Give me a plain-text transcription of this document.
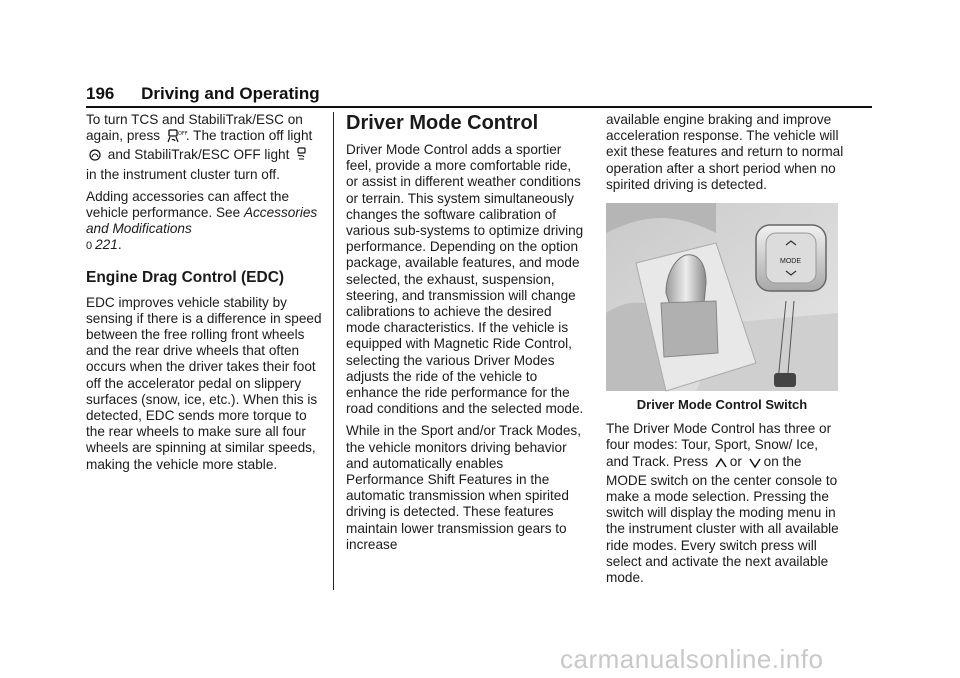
196 Driving and Operating

To turn TCS and StabiliTrak/ESC on again, press	OFF
. The traction off light  and StabiliTrak/ESC OFF light  in the instrument cluster turn off.

Adding accessories can affect the vehicle performance. See Accessories and Modifications
0 221.

Engine Drag Control (EDC)

EDC improves vehicle stability by sensing if there is a difference in speed between the free rolling front wheels and the rear drive wheels that often occurs when the driver takes their foot off the accelerator pedal on slippery surfaces (snow, ice, etc.). When this is detected, EDC sends more torque to the rear wheels to make sure all four wheels are spinning at similar speeds, making the vehicle more stable.

Driver Mode Control

Driver Mode Control adds a sportier feel, provide a more comfortable ride, or assist in different weather conditions or terrain. This system simultaneously changes the software calibration of various sub-systems to optimize driving performance. Depending on the option package, available features, and mode selected, the exhaust, suspension, steering, and transmission will change calibrations to achieve the desired mode characteristics. If the vehicle is equipped with Magnetic Ride Control, selecting the various Driver Modes adjusts the ride of the vehicle to enhance the ride performance for the road conditions and the selected mode.

While in the Sport and/or Track Modes, the vehicle monitors driving behavior and automatically enables Performance Shift Features in the automatic transmission when spirited driving is detected. These features maintain lower transmission gears to increase

available engine braking and improve acceleration response. The vehicle will exit these features and return to normal operation after a short period when no spirited driving is detected.

MODE
Driver Mode Control Switch

The Driver Mode Control has three or four modes: Tour, Sport, Snow/ Ice, and Track. Press or on the MODE switch on the center console to make a mode selection. Pressing the switch will display the moding menu in the instrument cluster with all available ride modes. Every switch press will select and activate the next available mode.

carmanualsonline.info
